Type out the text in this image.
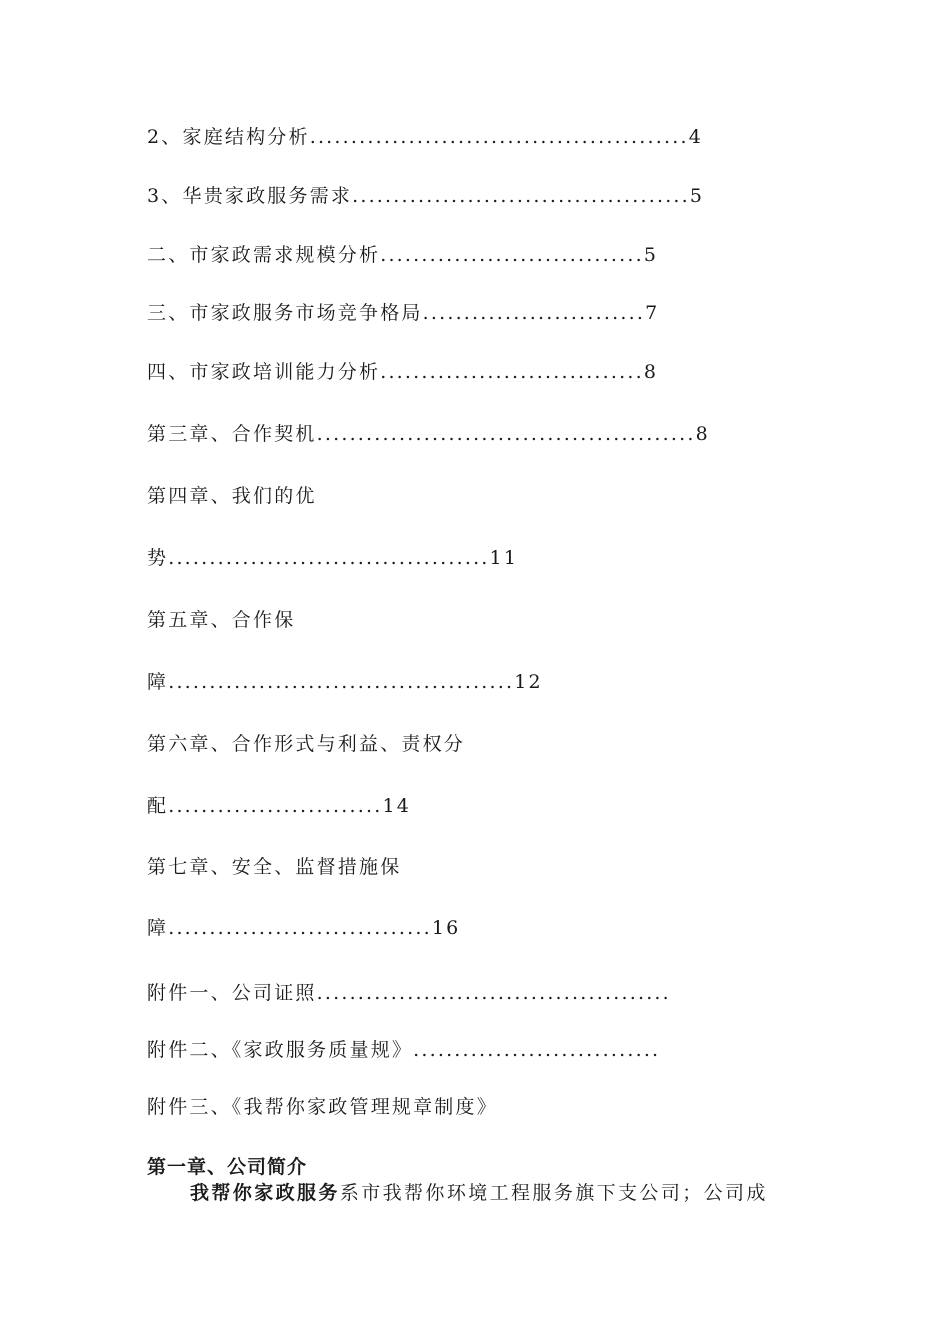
2、家庭结构分析..............................................4
3、华贵家政服务需求.........................................5
二、市家政需求规模分析................................5
三、市家政服务市场竞争格局...........................7
四、市家政培训能力分析................................8
第三章、合作契机..............................................8
第四章、我们的优
势.......................................11
第五章、合作保
障..........................................12
第六章、合作形式与利益、责权分
配..........................14
第七章、安全、监督措施保
障................................16
附件一、公司证照...........................................
附件二、《家政服务质量规》..............................
附件三、《我帮你家政管理规章制度》
第一章、公司简介
我帮你家政服务系市我帮你环境工程服务旗下支公司；公司成
